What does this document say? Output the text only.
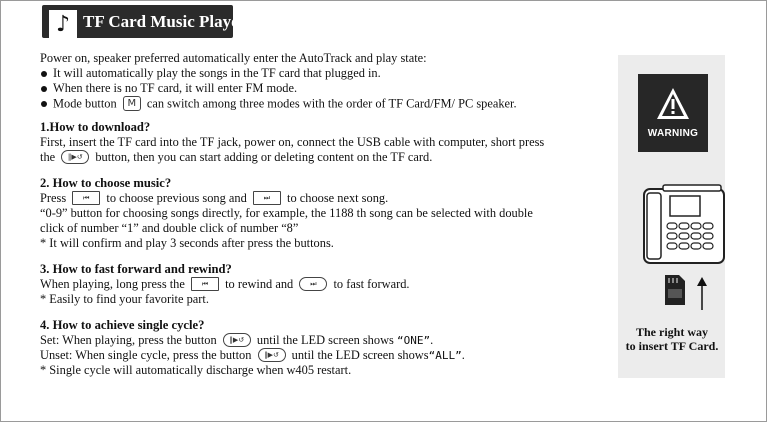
♪ TF Card Music Player
Power on, speaker preferred automatically enter the AutoTrack and play state:
It will automatically play the songs in the TF card that plugged in.
When there is no TF card, it will enter FM mode.
Mode button M can switch among three modes with the order of TF Card/FM/ PC speaker.
1.How to download?
First, insert the TF card into the TF jack, power on, connect the USB cable with computer, short press
the ‖▶↺ button, then you can start adding or deleting content on the TF card.
2. How to choose music?
Press ⏮ to choose previous song and ⏭ to choose next song.
“0-9” button for choosing songs directly, for example, the 1188 th song can be selected with double
click of number “1” and double click of number “8”
* It will confirm and play 3 seconds after press the buttons.
3. How to fast forward and rewind?
When playing, long press the ⏮ to rewind and ⏭ to fast forward.
* Easily to find your favorite part.
4. How to achieve single cycle?
Set: When playing, press the button ‖▶↺ until the LED screen shows “ONE”.
Unset: When single cycle, press the button ‖▶↺ until the LED screen shows“ALL”.
* Single cycle will automatically discharge when w405 restart.
WARNING
The right way
to insert TF Card.
